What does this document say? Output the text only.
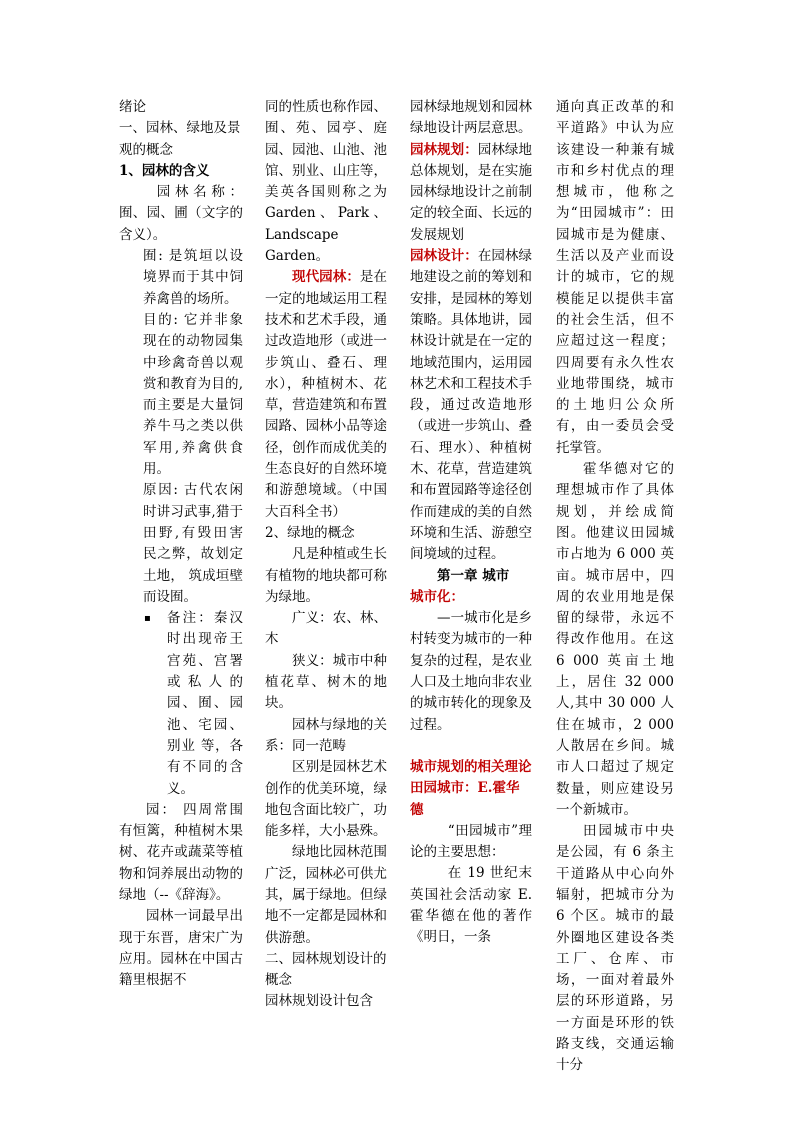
绪论

一、园林、绿地及景观的概念

1、园林的含义

园林名称：囿、园、圃（文字的含义）。

囿: 是筑垣以设境界而于其中饲养禽兽的场所。

目的: 它并非象现在的动物园集中珍禽奇兽以观赏和教育为目的,而主要是大量饲养牛马之类以供军用,养禽供食用。

原因: 古代农闲时讲习武事,猎于田野,有毁田害 民之弊，故划定土地， 筑成垣壁而设囿。

▪	备注：秦汉时出现帝王宫苑、宫署或私人的园、囿、园池、宅园、别业 等，各有不同的含义。

园： 四周常围有恒篱，种植树木果树、花卉或蔬菜等植物和饲养展出动物的绿地（--《辞海》。

园林一词最早出现于东晋，唐宋广为应用。园林在中国古籍里根据不

同的性质也称作园、囿、苑、园亭、庭园、园池、山池、池馆、别业、山庄等，美英各国则称之为 Garden、Park、Landscape Garden。

现代园林：是在一定的地域运用工程技术和艺术手段，通过改造地形（或进一步筑山、叠石、理水），种植树木、花草，营造建筑和布置园路、园林小品等途径，创作而成优美的生态良好的自然环境和游憩境域。（中国大百科全书）

2、绿地的概念

凡是种植或生长有植物的地块都可称为绿地。

广义：农、林、木

狭义：城市中种植花草、树木的地块。

园林与绿地的关系：同一范畴

区别是园林艺术创作的优美环境，绿地包含面比较广，功 能多样，大小悬殊。

绿地比园林范围广泛，园林必可供尤其，属于绿地。但绿地不一定都是园林和供游憩。

二、园林规划设计的概念

园林规划设计包含

园林绿地规划和园林绿地设计两层意思。

园林规划：园林绿地总体规划，是在实施园林绿地设计之前制定的较全面、长远的发展规划

园林设计：在园林绿地建设之前的筹划和安排，是园林的筹划策略。具体地讲，园林设计就是在一定的地域范围内，运用园林艺术和工程技术手段，通过改造地形（或进一步筑山、叠石、理水）、种植树木、花草，营造建筑和布置园路等途径创作而建成的美的自然环境和生活、游憩空间境域的过程。

第一章 城市

城市化：

—一城市化是乡村转变为城市的一种复杂的过程，是农业人口及土地向非农业的城市转化的现象及过程。

城市规划的相关理论

田园城市：E.霍华德

“田园城市”理论的主要思想：

在 19 世纪末英国社会活动家 E.霍华德在他的著作《明日，一条

通向真正改革的和平道路》中认为应该建设一种兼有城市和乡村优点的理想城市，他称之为“田园城市”：田园城市是为健康、生活以及产业而设计的城市，它的规模能足以提供丰富的社会生活，但不应超过这一程度；四周要有永久性农业地带围绕，城市的土地归公众所有，由一委员会受托掌管。

霍华德对它的理想城市作了具体规划，并绘成简图。他建议田园城市占地为 6 000 英亩。城市居中，四周的农业用地是保留的绿带，永远不得改作他用。在这 6 000 英亩土地上，居住 32 000 人,其中 30 000 人住在城市，2 000 人散居在乡间。城市人口超过了规定数量，则应建设另一个新城市。

田园城市中央是公园，有 6 条主干道路从中心向外辐射，把城市分为 6 个区。城市的最外圈地区建设各类工厂、仓库、市场，一面对着最外层的环形道路，另一方面是环形的铁路支线，交通运输十分
